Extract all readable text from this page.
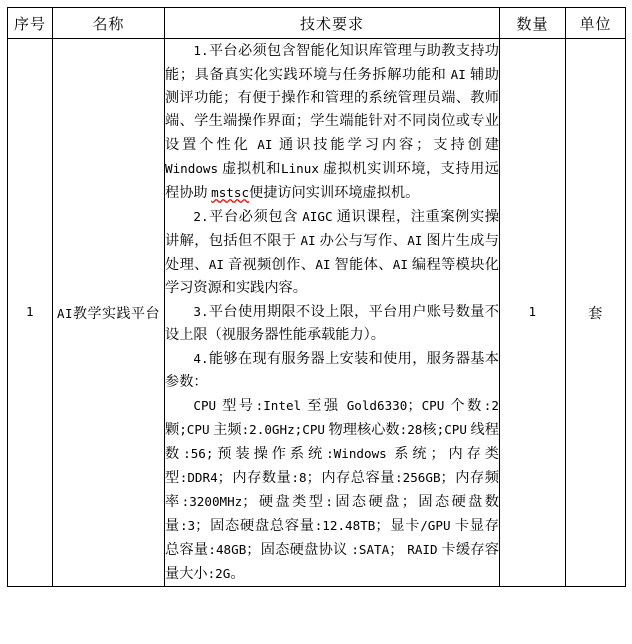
序号	名称	技术要求	数量	单位
1	AI教学实践平台	1.平台必须包含智能化知识库管理与助教支持功能；具备真实化实践环境与任务拆解功能和 AI 辅助测评功能；有便于操作和管理的系统管理员端、教师端、学生端操作界面；学生端能针对不同岗位或专业设置个性化 AI 通识技能学习内容；支持创建 Windows 虚拟机和Linux 虚拟机实训环境，支持用远程协助 mstsc便捷访问实训环境虚拟机。

2.平台必须包含 AIGC 通识课程，注重案例实操讲解，包括但不限于 AI 办公与写作、AI 图片生成与处理、AI 音视频创作、AI 智能体、AI 编程等模块化学习资源和实践内容。

3.平台使用期限不设上限，平台用户账号数量不设上限（视服务器性能承载能力）。

4.能够在现有服务器上安装和使用，服务器基本参数：

CPU 型号:Intel 至强 Gold6330；CPU 个数:2颗;CPU 主频:2.0GHz;CPU 物理核心数:28核;CPU 线程数:56;预装操作系统:Windows 系统；内存类型:DDR4；内存数量:8；内存总容量:256GB；内存频率:3200MHz；硬盘类型:固态硬盘；固态硬盘数量:3；固态硬盘总容量:12.48TB；显卡/GPU 卡显存总容量:48GB；固态硬盘协议 :SATA； RAID 卡缓存容量大小:2G。	1	套
